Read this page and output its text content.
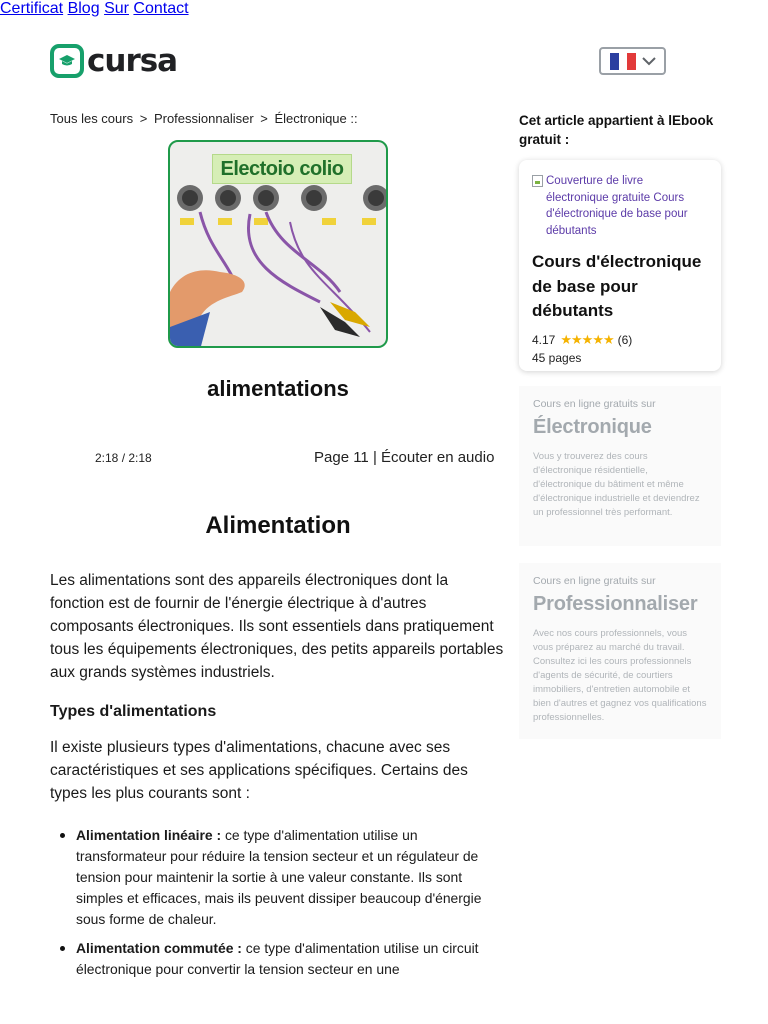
cursa
Certificat Blog Sur Contact
Tous les cours > Professionnaliser > Électronique ::
Electoio colio
alimentations
2:18 / 2:18	Page 11 | Écouter en audio
Alimentation

Les alimentations sont des appareils électroniques dont la fonction est de fournir de l'énergie électrique à d'autres composants électroniques. Ils sont essentiels dans pratiquement tous les équipements électroniques, des petits appareils portables aux grands systèmes industriels.

Types d'alimentations

Il existe plusieurs types d'alimentations, chacune avec ses caractéristiques et ses applications spécifiques. Certains des types les plus courants sont :

Alimentation linéaire : ce type d'alimentation utilise un transformateur pour réduire la tension secteur et un régulateur de tension pour maintenir la sortie à une valeur constante. Ils sont simples et efficaces, mais ils peuvent dissiper beaucoup d'énergie sous forme de chaleur.
Alimentation commutée : ce type d'alimentation utilise un circuit électronique pour convertir la tension secteur en une
Cet article appartient à lEbook gratuit :
Couverture de livre électronique gratuite Cours d'électronique de base pour débutants
Cours d'électronique de base pour débutants
4.17 ★★★★★ (6)
45 pages
Cours en ligne gratuits sur
Électronique
Vous y trouverez des cours d'électronique résidentielle, d'électronique du bâtiment et même d'électronique industrielle et deviendrez un professionnel très performant.
Cours en ligne gratuits sur
Professionnaliser
Avec nos cours professionnels, vous vous préparez au marché du travail. Consultez ici les cours professionnels d'agents de sécurité, de courtiers immobiliers, d'entretien automobile et bien d'autres et gagnez vos qualifications professionnelles.
